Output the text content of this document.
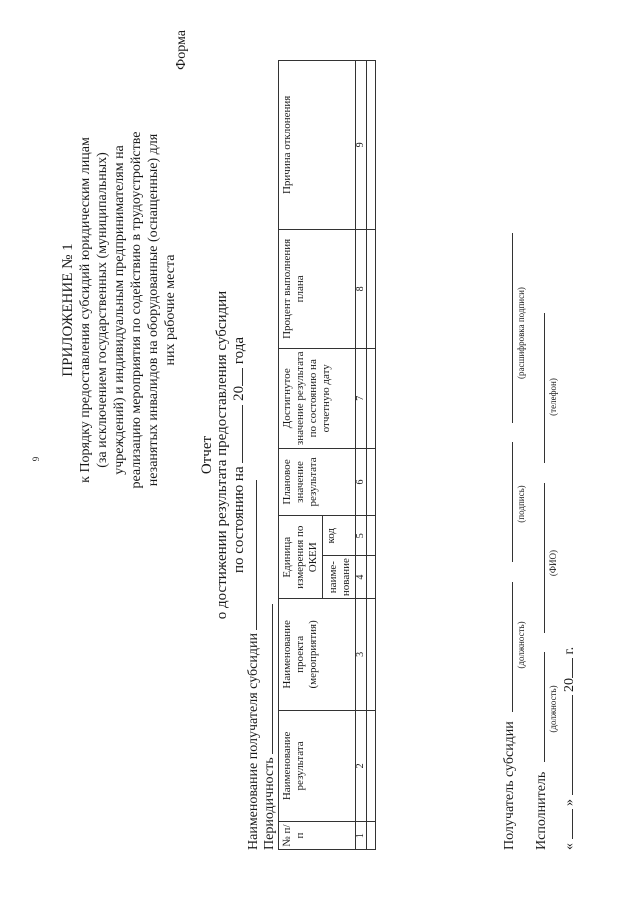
9
ПРИЛОЖЕНИЕ № 1 к Порядку предоставления субсидий юридическим лицам (за исключением государственных (муниципальных) учреждений) и индивидуальным предпринимателям на реализацию мероприятия по содействию в трудоустройстве незанятых инвалидов на оборудованные (оснащенные) для них рабочие места
Форма
Отчет о достижении результата предоставления субсидии по состоянию на  20 года
Наименование получателя субсидии Периодичность № п/п	Наименование результата	Наименование проекта (мероприятия)	Единица измерения по ОКЕИ		Плановое значение результата	Достигнутое значение результата по состоянию на отчетную дату	Процент выполнения плана	Причина отклонения
			наиме-нование	код				
1	2	3	4	5	6	7	8	9

Получатель субсидии
(должность)
(подпись)
(расшифровка подписи)
Исполнитель
(должность)
(ФИО)
(телефон)
«  »  20 г.
